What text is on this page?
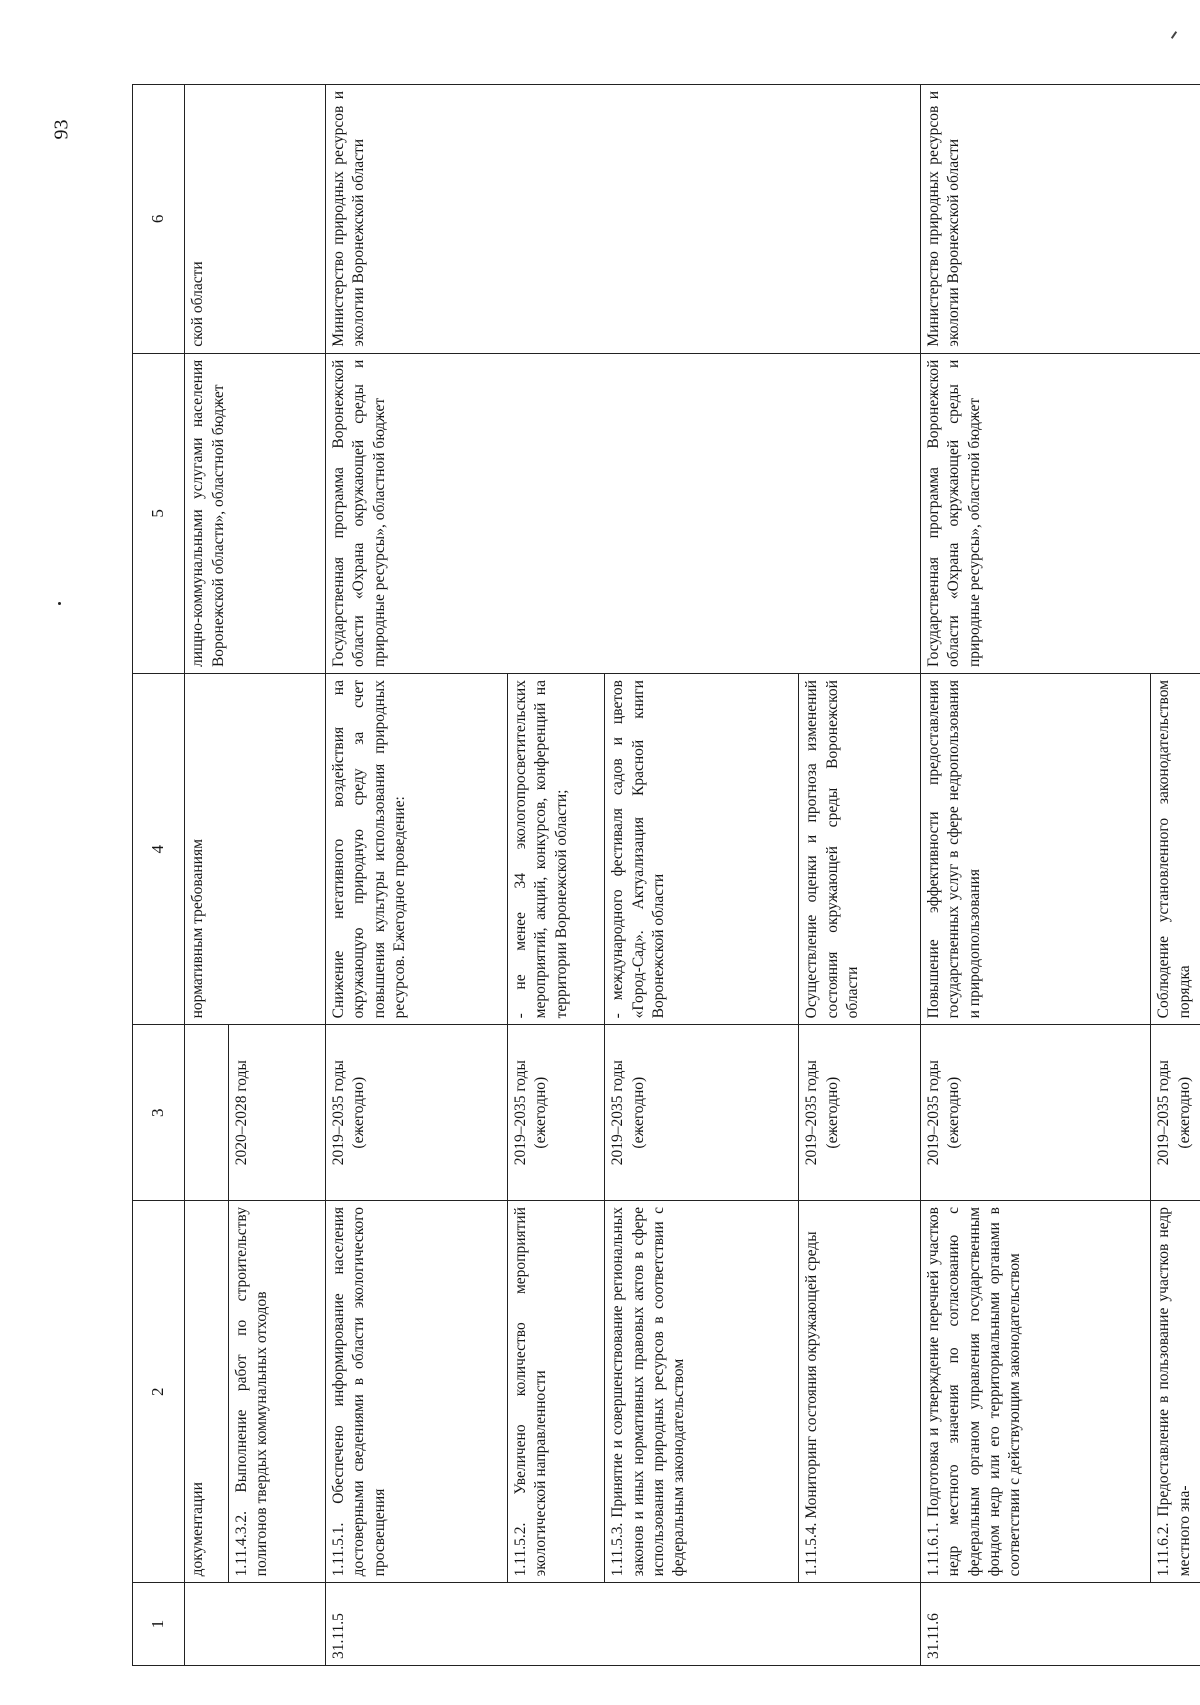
93
1	2	3	4	5	6
	документации		нормативным требованиям	лищно-коммунальными услугами населения Воронежской области», областной бюджет	ской области
	1.11.4.3.2. Выполнение работ по строительству полигонов твердых коммунальных отходов	2020–2028 годы			
31.11.5	1.11.5.1. Обеспечено информирование населения достоверными сведениями в области экологического просвещения	2019–2035 годы (ежегодно)	Снижение негативного воздействия на окружающую природную среду за счет повышения культуры использования природных ресурсов. Ежегодное проведение:	Государственная программа Воронежской области «Охрана окружающей среды и природные ресурсы», областной бюджет	Министерство природных ресурсов и экологии Воронежской области
	1.11.5.2. Увеличено количество мероприятий экологической направленности	2019–2035 годы (ежегодно)	- не менее 34 экологопросветительских мероприятий, акций, конкурсов, конференций на территории Воронежской области;		
	1.11.5.3. Принятие и совершенствование региональных законов и иных нормативных правовых актов в сфере использования природных ресурсов в соответствии с федеральным законодательством	2019–2035 годы (ежегодно)	- международного фестиваля садов и цветов «Город-Сад». Актуализация Красной книги Воронежской области		
	1.11.5.4. Мониторинг состояния окружающей среды	2019–2035 годы (ежегодно)	Осуществление оценки и прогноза изменений состояния окружающей среды Воронежской области		
31.11.6	1.11.6.1. Подготовка и утверждение перечней участков недр местного значения по согласованию с федеральным органом управления государственным фондом недр или его территориальными органами в соответствии с действующим законодательством	2019–2035 годы (ежегодно)	Повышение эффективности предоставления государственных услуг в сфере недропользования и природопользования	Государственная программа Воронежской области «Охрана окружающей среды и природные ресурсы», областной бюджет	Министерство природных ресурсов и экологии Воронежской области
	1.11.6.2. Предоставление в пользование участков недр местного зна-	2019–2035 годы (ежегодно)	Соблюдение установленного законодательством порядка		
